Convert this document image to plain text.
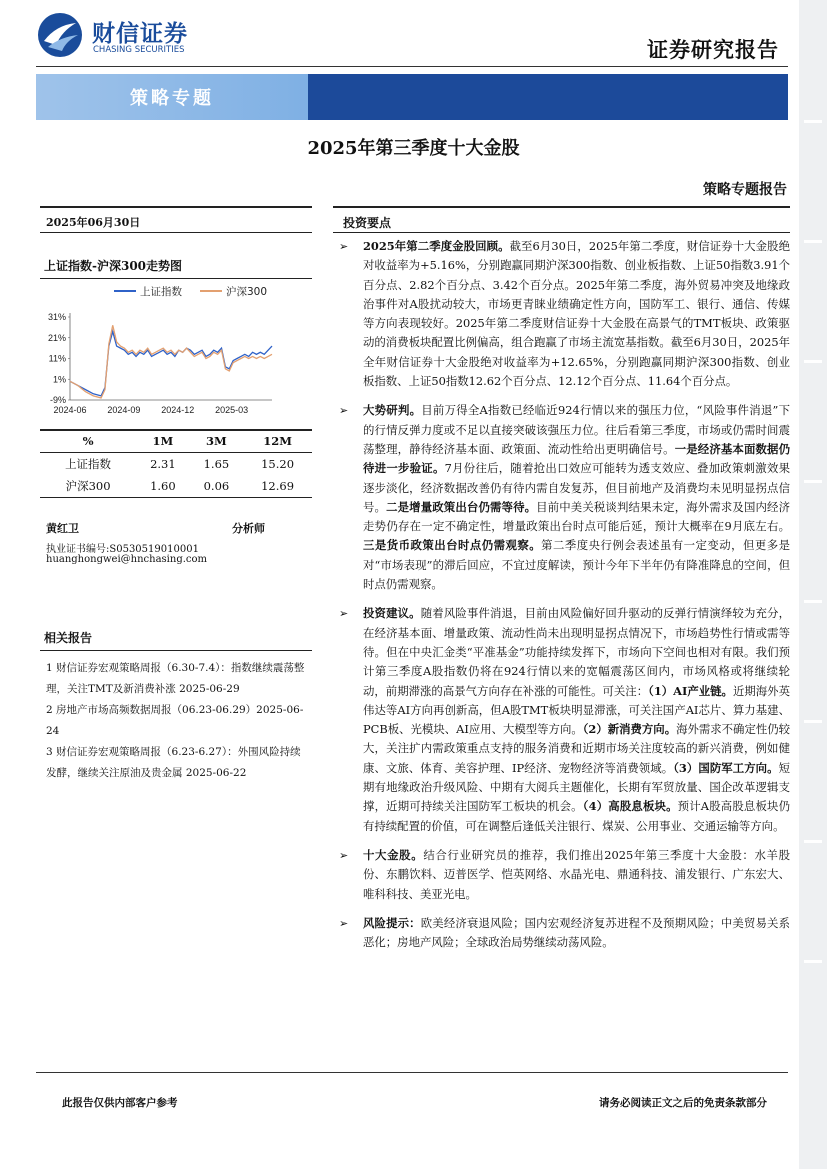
财信证券
CHASING SECURITIES	证券研究报告
策略专题
2025年第三季度十大金股
策略专题报告
2025年06月30日
上证指数-沪深300走势图
31%
21%
11%
1%
-9%
2024-06 2024-09 2024-12 2025-03
上证指数	沪深300
%	1M	3M	12M
上证指数	2.31	1.65	15.20
沪深300	1.60	0.06	12.69
黄红卫	分析师
执业证书编号:S0530519010001
huanghongwei@hnchasing.com
相关报告
1 财信证券宏观策略周报（6.30-7.4）：指数继续震荡整理，关注TMT及新消费补涨 2025-06-29
2 房地产市场高频数据周报（06.23-06.29）2025-06-24
3 财信证券宏观策略周报（6.23-6.27）：外围风险持续发酵，继续关注原油及贵金属 2025-06-22
投资要点
➢ 2025年第二季度金股回顾。截至6月30日，2025年第二季度，财信证券十大金股绝对收益率为+5.16%，分别跑赢同期沪深300指数、创业板指数、上证50指数3.91个百分点、2.82个百分点、3.42个百分点。2025年第二季度，海外贸易冲突及地缘政治事件对A股扰动较大，市场更青睐业绩确定性方向，国防军工、银行、通信、传媒等方向表现较好。2025年第二季度财信证券十大金股在高景气的TMT板块、政策驱动的消费板块配置比例偏高，组合跑赢了市场主流宽基指数。截至6月30日，2025年全年财信证券十大金股绝对收益率为+12.65%，分别跑赢同期沪深300指数、创业板指数、上证50指数12.62个百分点、12.12个百分点、11.64个百分点。
➢ 大势研判。目前万得全A指数已经临近924行情以来的强压力位，“风险事件消退”下的行情反弹力度或不足以直接突破该强压力位。往后看第三季度，市场或仍需时间震荡整理，静待经济基本面、政策面、流动性给出更明确信号。一是经济基本面数据仍待进一步验证。7月份往后，随着抢出口效应可能转为透支效应、叠加政策刺激效果逐步淡化，经济数据改善仍有待内需自发复苏，但目前地产及消费均未见明显拐点信号。二是增量政策出台仍需等待。目前中美关税谈判结果未定，海外需求及国内经济走势仍存在一定不确定性，增量政策出台时点可能后延，预计大概率在9月底左右。三是货币政策出台时点仍需观察。第二季度央行例会表述虽有一定变动，但更多是对“市场表现”的滞后回应，不宜过度解读，预计今年下半年仍有降准降息的空间，但时点仍需观察。
➢ 投资建议。随着风险事件消退，目前由风险偏好回升驱动的反弹行情演绎较为充分，在经济基本面、增量政策、流动性尚未出现明显拐点情况下，市场趋势性行情或需等待。但在中央汇金类“平准基金”功能持续发挥下，市场向下空间也相对有限。我们预计第三季度A股指数仍将在924行情以来的宽幅震荡区间内，市场风格或将继续轮动，前期滞涨的高景气方向存在补涨的可能性。可关注：（1）AI产业链。近期海外英伟达等AI方向再创新高，但A股TMT板块明显滞涨，可关注国产AI芯片、算力基建、PCB板、光模块、AI应用、大模型等方向。（2）新消费方向。海外需求不确定性仍较大，关注扩内需政策重点支持的服务消费和近期市场关注度较高的新兴消费，例如健康、文旅、体育、美容护理、IP经济、宠物经济等消费领域。（3）国防军工方向。短期有地缘政治升级风险、中期有大阅兵主题催化，长期有军贸放量、国企改革逻辑支撑，近期可持续关注国防军工板块的机会。（4）高股息板块。预计A股高股息板块仍有持续配置的价值，可在调整后逢低关注银行、煤炭、公用事业、交通运输等方向。
➢ 十大金股。结合行业研究员的推荐，我们推出2025年第三季度十大金股：水羊股份、东鹏饮料、迈普医学、恺英网络、水晶光电、鼎通科技、浦发银行、广东宏大、唯科科技、美亚光电。
➢ 风险提示：欧美经济衰退风险；国内宏观经济复苏进程不及预期风险；中美贸易关系恶化；房地产风险；全球政治局势继续动荡风险。
此报告仅供内部客户参考	请务必阅读正文之后的免责条款部分
